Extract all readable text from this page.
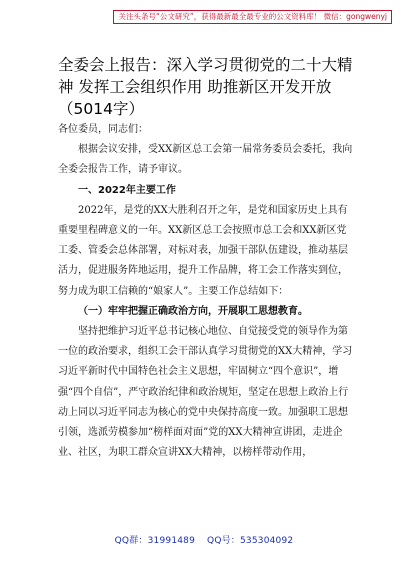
关注头条号“公文研究”，获得最新最全最专业的公文资料库！ 微信：gongwenyj
全委会上报告：深入学习贯彻党的二十大精神 发挥工会组织作用 助推新区开发开放（5014字）

各位委员，同志们：

根据会议安排，受XX新区总工会第一届常务委员会委托，我向全委会报告工作，请予审议。

一、2022年主要工作

2022年，是党的XX大胜利召开之年，是党和国家历史上具有重要里程碑意义的一年。XX新区总工会按照市总工会和XX新区党工委、管委会总体部署，对标对表，加强干部队伍建设，推动基层活力，促进服务阵地运用，提升工作品牌，将工会工作落实到位，努力成为职工信赖的“娘家人”。主要工作总结如下：

（一）牢牢把握正确政治方向，开展职工思想教育。

坚持把维护习近平总书记核心地位、自觉接受党的领导作为第一位的政治要求，组织工会干部认真学习贯彻党的XX大精神，学习习近平新时代中国特色社会主义思想，牢固树立“四个意识”，增强“四个自信”，严守政治纪律和政治规矩，坚定在思想上政治上行动上同以习近平同志为核心的党中央保持高度一致。加强职工思想引领，选派劳模参加“榜样面对面”党的XX大精神宣讲团，走进企业、社区，为职工群众宣讲XX大精神，以榜样带动作用，

QQ群：31991489 QQ号：535304092
